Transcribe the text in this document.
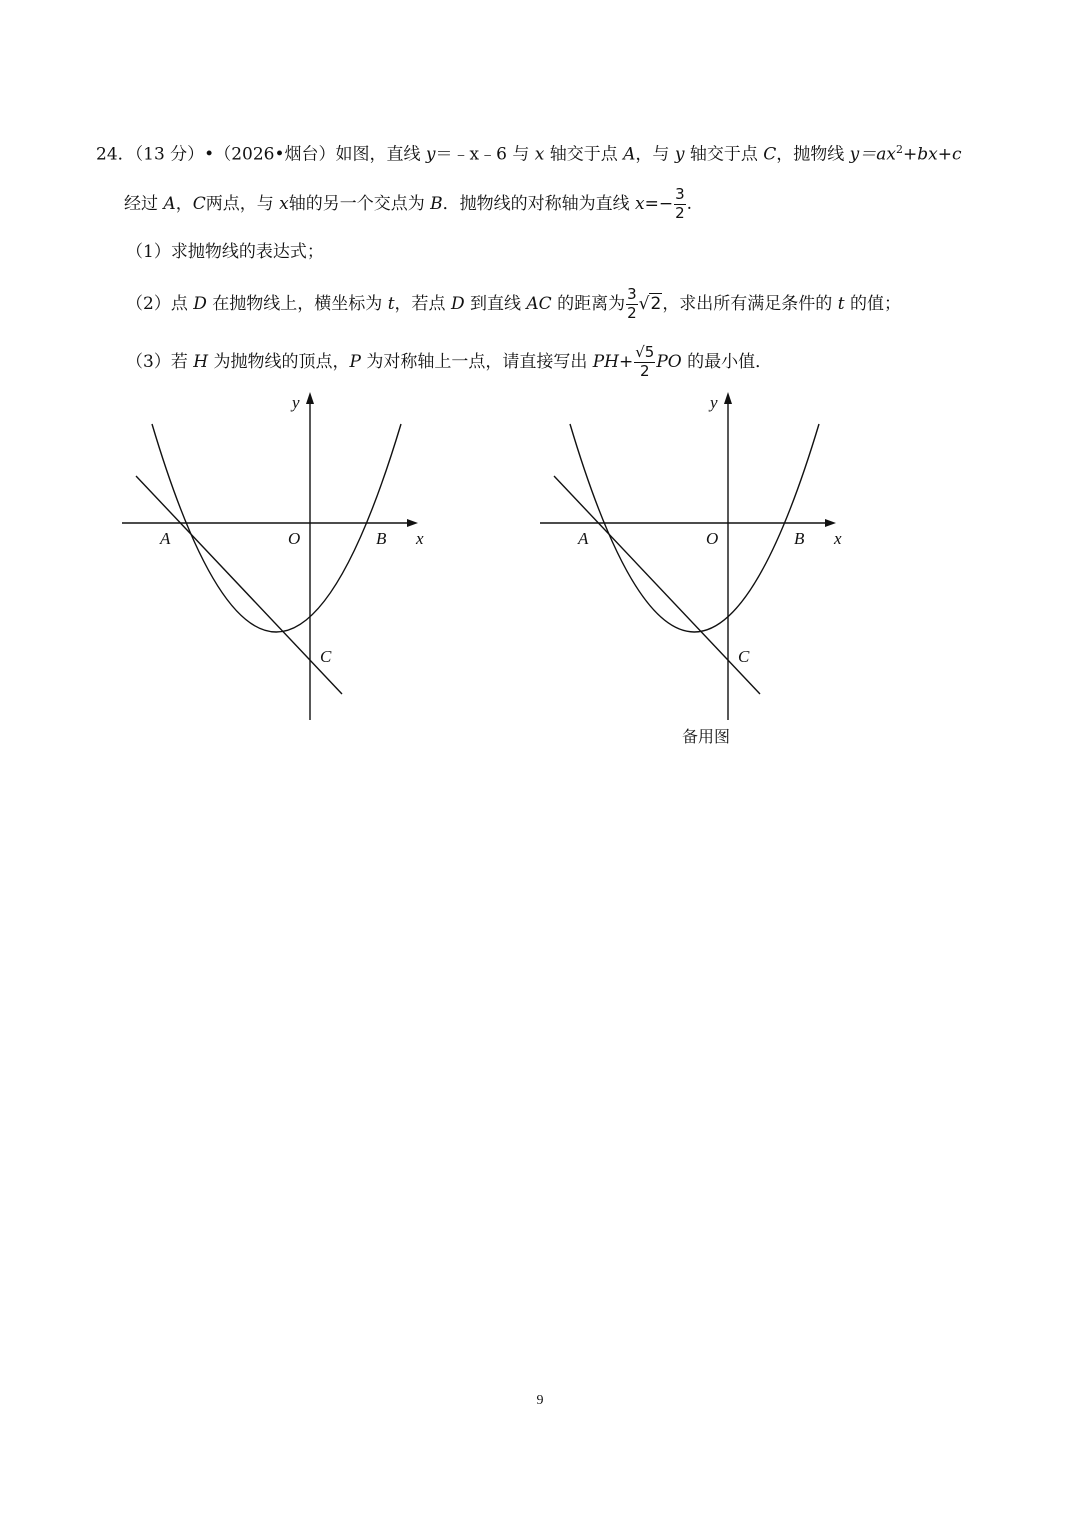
24．（13 分）•（2026•烟台）如图，直线 y＝﹣x﹣6 与 x 轴交于点 A，与 y 轴交于点 C，抛物线 $y=ax^2+bx+c$
经过
A ， C 两点，与
x 轴的另一个交点为
B ．抛物线的对称轴为直线
$x =- \frac{3}{2}$ .
（1）求抛物线的表达式；
（2）点
D
在抛物线上，横坐标为
t ，若点
D
到直线
AC
的距离为 $\frac{3}{2} √2$ ，求出所有满足条件的
t
的值；
（3）若
H
为抛物线的顶点， P
为对称轴上一点，请直接写出
PH + $\frac{√5}{2}$ PO
的最小值．
y
x
A	O	B
C
y
x
A	O	B
C
备用图
9
